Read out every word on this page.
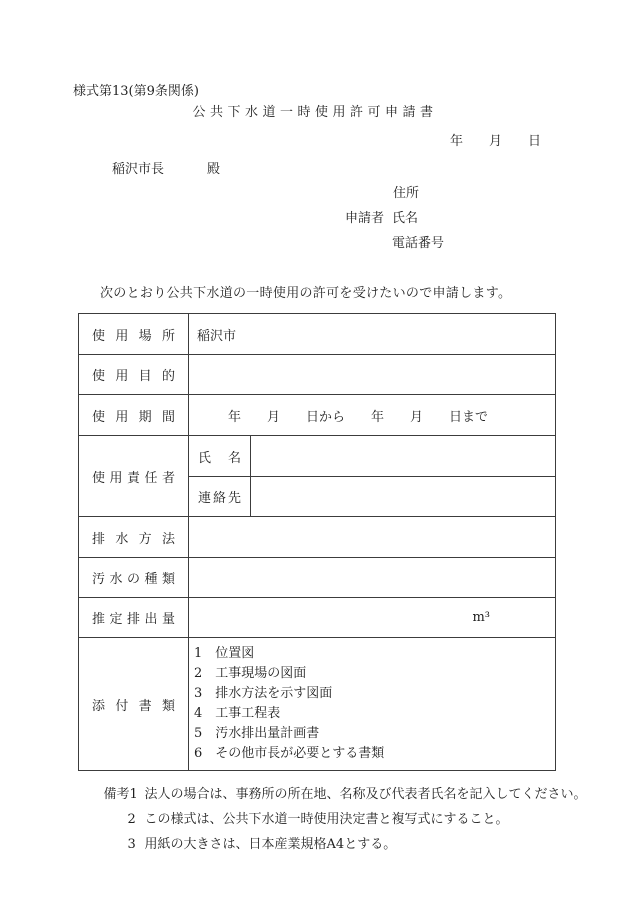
様式第13(第9条関係)
公共下水道一時使用許可申請書
年　　月　　日
稲沢市長	殿
住所
申請者 氏名
電話番号
次のとおり公共下水道の一時使用の許可を受けたいので申請します。
使用場所	稲沢市	
使用目的		
使用期間	年　　月　　日から　　年　　月　　日まで	
使用責任者	氏　名	
	連絡先	
排水方法		
汚水の種類		
推定排出量	m³	
添付書類	
1　位置図
2　工事現場の図面
3　排水方法を示す図面
4　工事工程表
5　汚水排出量計画書
6　その他市長が必要とする書類

備考1 法人の場合は、事務所の所在地、名称及び代表者氏名を記入してください。

2 この様式は、公共下水道一時使用決定書と複写式にすること。

3 用紙の大きさは、日本産業規格A4とする。
